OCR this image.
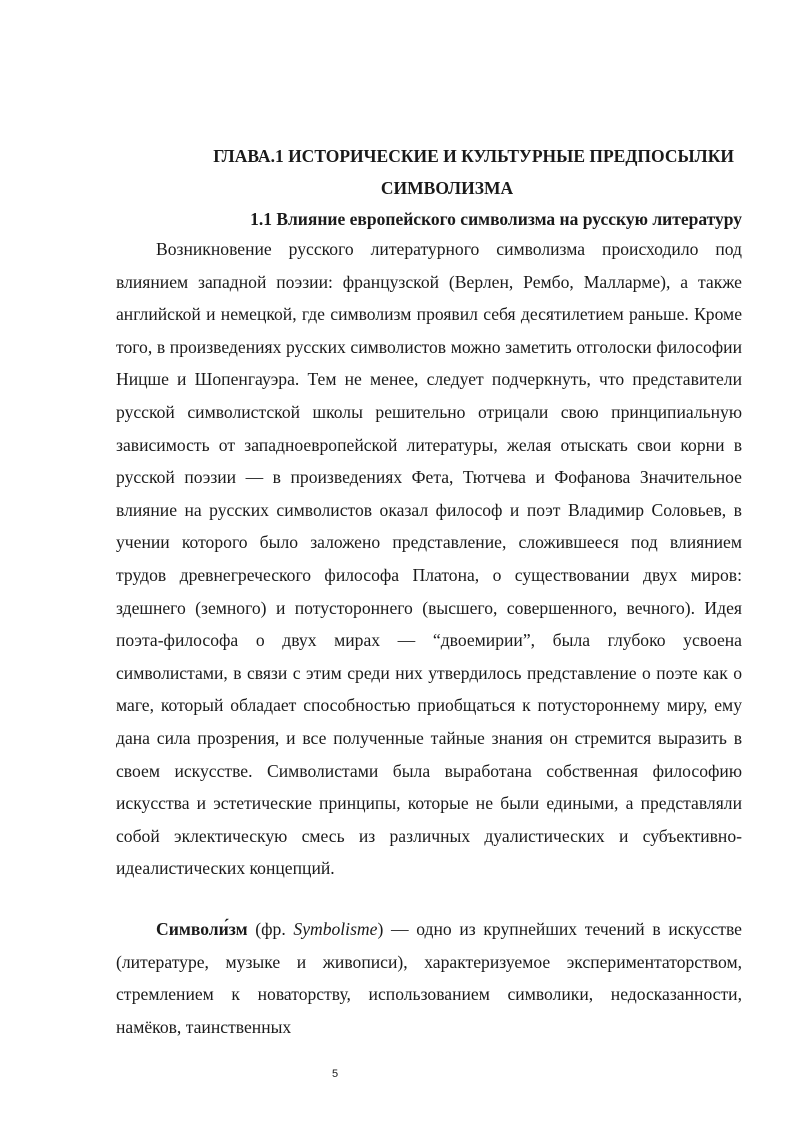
ГЛАВА.1 ИСТОРИЧЕСКИЕ И КУЛЬТУРНЫЕ ПРЕДПОСЫЛКИ
СИМВОЛИЗМА
1.1 Влияние европейского символизма на русскую литературу

Возникновение русского литературного символизма происходило под влиянием западной поэзии: французской (Верлен, Рембо, Малларме), а также английской и немецкой, где символизм проявил себя десятилетием раньше. Кроме того, в произведениях русских символистов можно заметить отголоски философии Ницше и Шопенгауэра. Тем не менее, следует подчеркнуть, что представители русской символистской школы решительно отрицали свою принципиальную зависимость от западноевропейской литературы, желая отыскать свои корни в русской поэзии — в произведениях Фета, Тютчева и Фофанова Значительное влияние на русских символистов оказал философ и поэт Владимир Соловьев, в учении которого было заложено представление, сложившееся под влиянием трудов древнегреческого философа Платона, о существовании двух миров: здешнего (земного) и потустороннего (высшего, совершенного, вечного). Идея поэта-философа о двух мирах — “двоемирии”, была глубоко усвоена символистами, в связи с этим среди них утвердилось представление о поэте как о маге, который обладает способностью приобщаться к потустороннему миру, ему дана сила прозрения, и все полученные тайные знания он стремится выразить в своем искусстве. Символистами была выработана собственная философию искусства и эстетические принципы, которые не были едиными, а представляли собой эклектическую смесь из различных дуалистических и субъективно-идеалистических концепций.

Символи́зм (фр. Symbolisme) — одно из крупнейших течений в искусстве (литературе, музыке и живописи), характеризуемое экспериментаторством, стремлением к новаторству, использованием символики, недосказанности, намёков, таинственных

5
